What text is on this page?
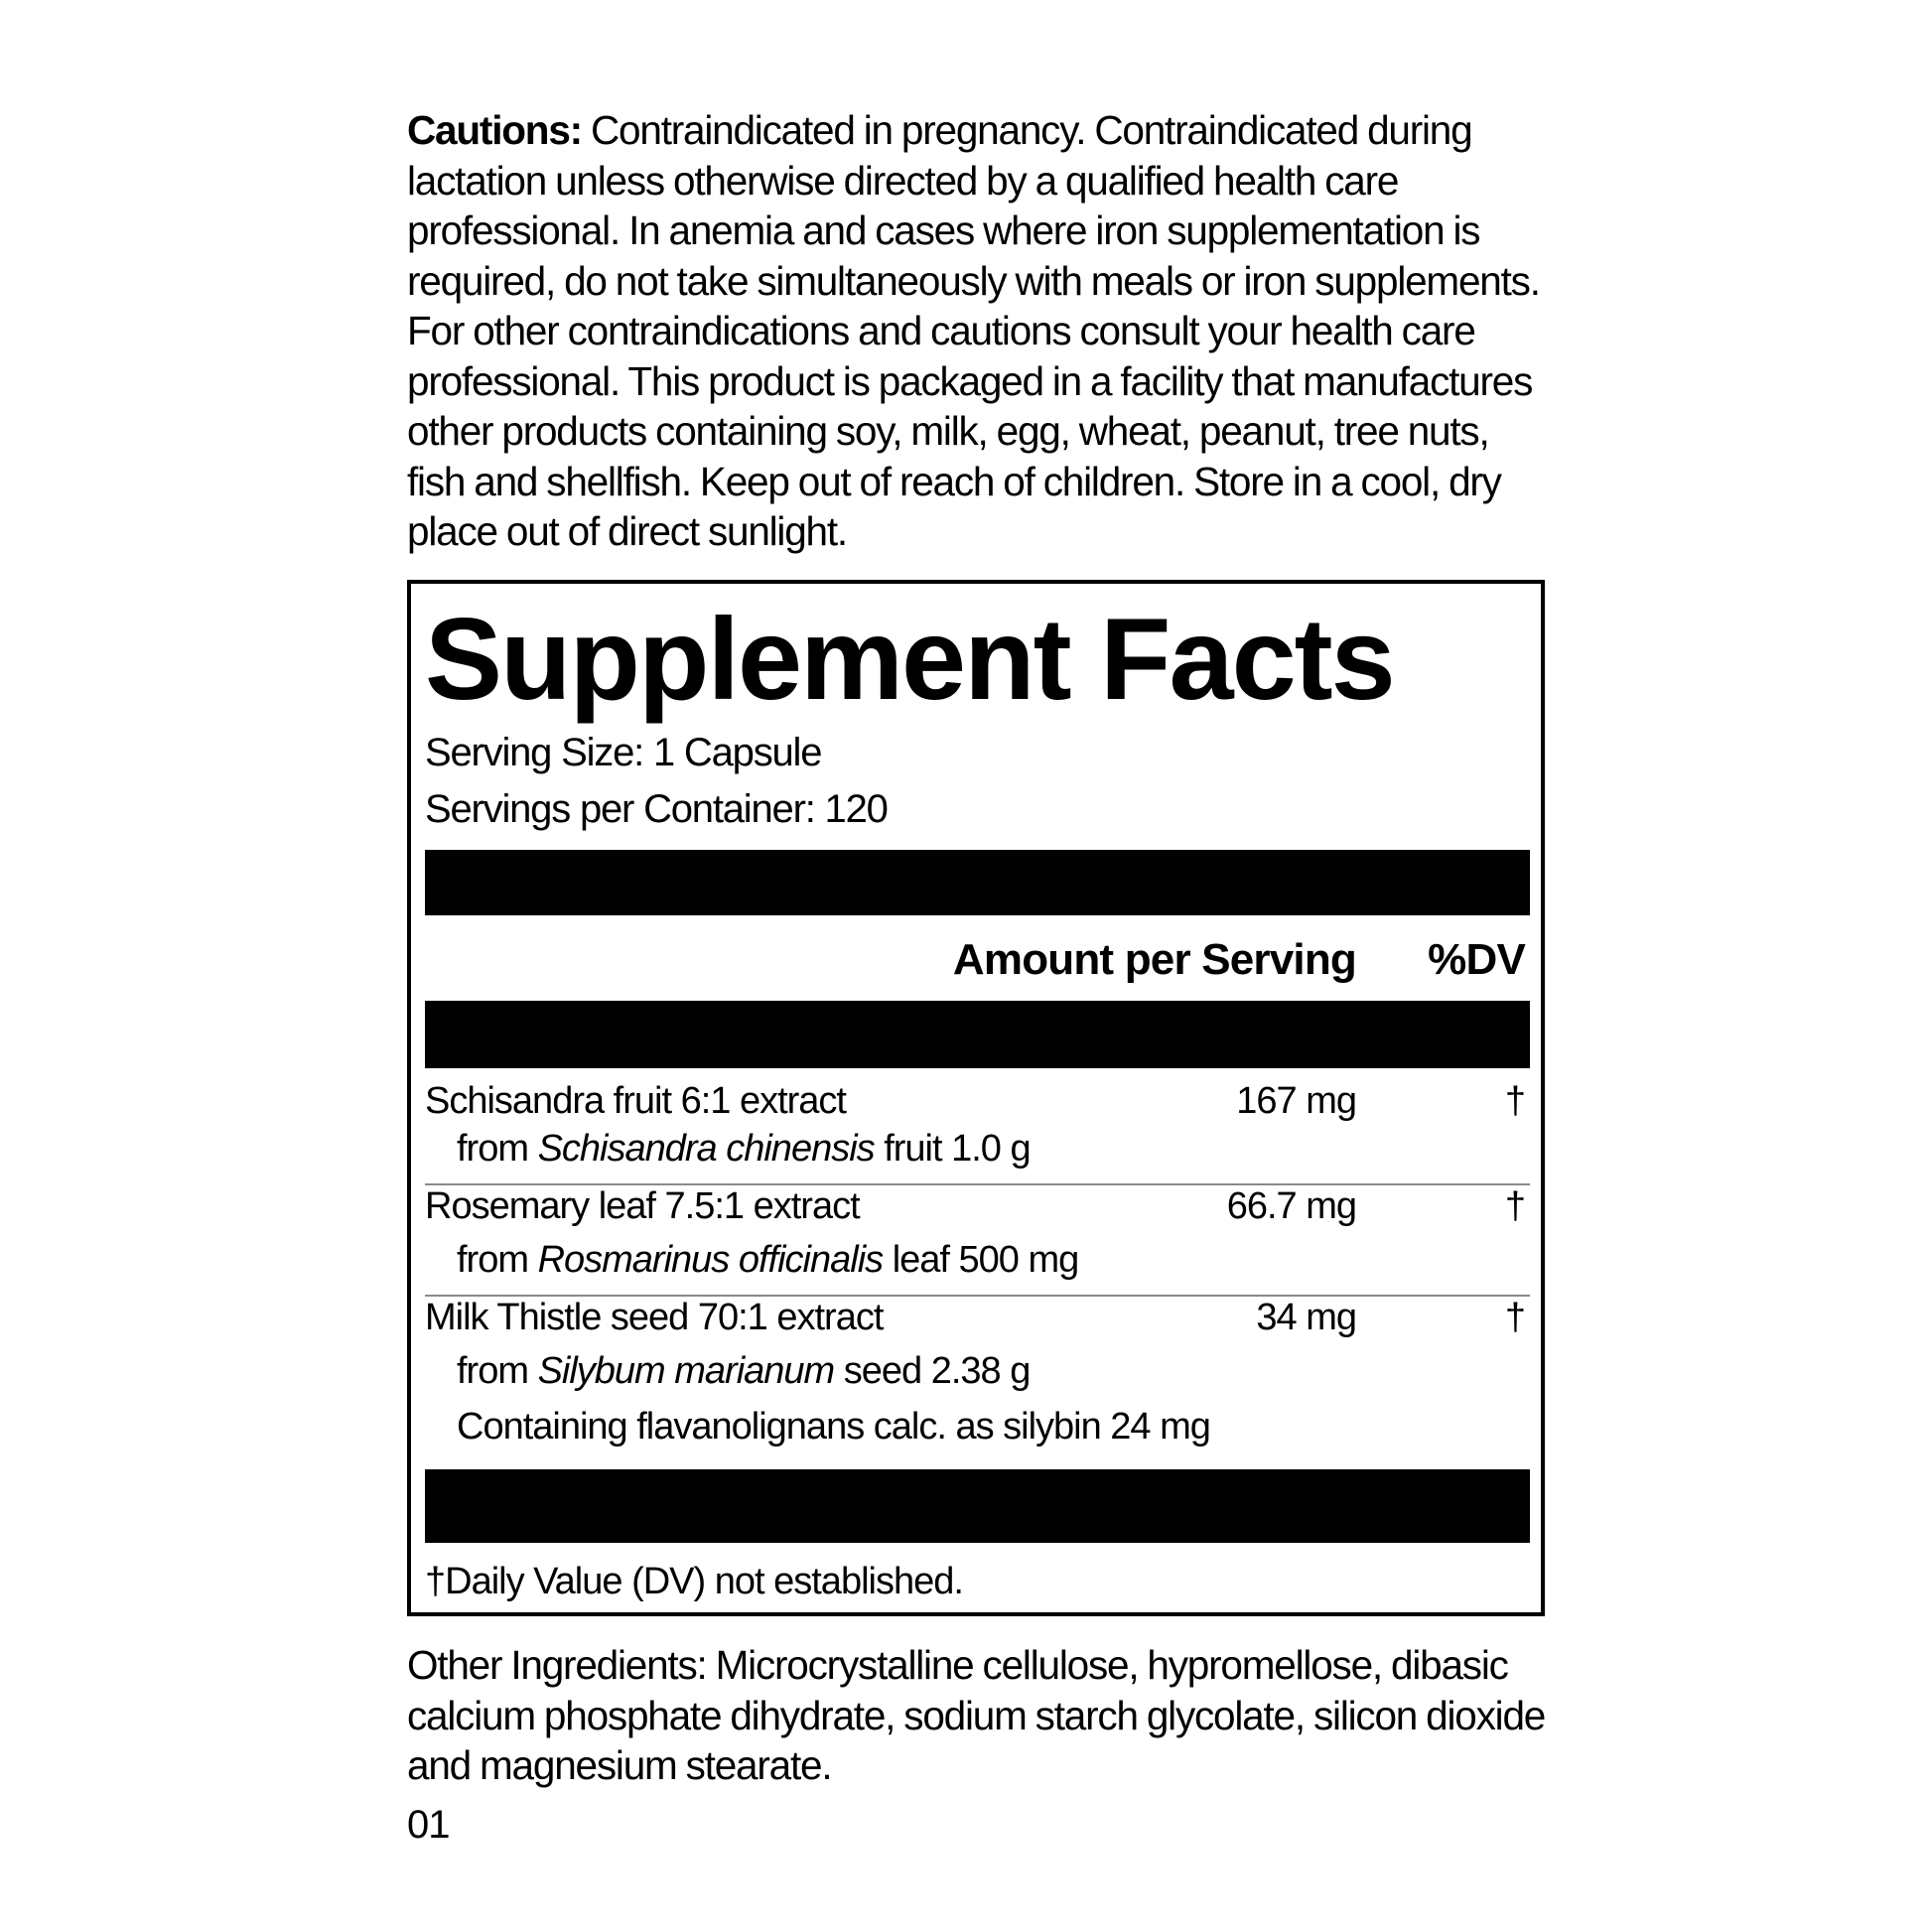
Cautions: Contraindicated in pregnancy. Contraindicated during lactation unless otherwise directed by a qualified health care professional. In anemia and cases where iron supplementation is required, do not take simultaneously with meals or iron supplements. For other contraindications and cautions consult your health care professional. This product is packaged in a facility that manufactures other products containing soy, milk, egg, wheat, peanut, tree nuts, fish and shellfish. Keep out of reach of children. Store in a cool, dry place out of direct sunlight.
Supplement Facts
Serving Size: 1 Capsule
Servings per Container: 120
Amount per Serving %DV
Schisandra fruit 6:1 extract	167 mg	†
from Schisandra chinensis fruit 1.0 g
Rosemary leaf 7.5:1 extract	66.7 mg	†
from Rosmarinus officinalis leaf 500 mg
Milk Thistle seed 70:1 extract	34 mg	†
from Silybum marianum seed 2.38 g
Containing flavanolignans calc. as silybin 24 mg
†Daily Value (DV) not established.
Other Ingredients: Microcrystalline cellulose, hypromellose, dibasic calcium phosphate dihydrate, sodium starch glycolate, silicon dioxide and magnesium stearate.
01
